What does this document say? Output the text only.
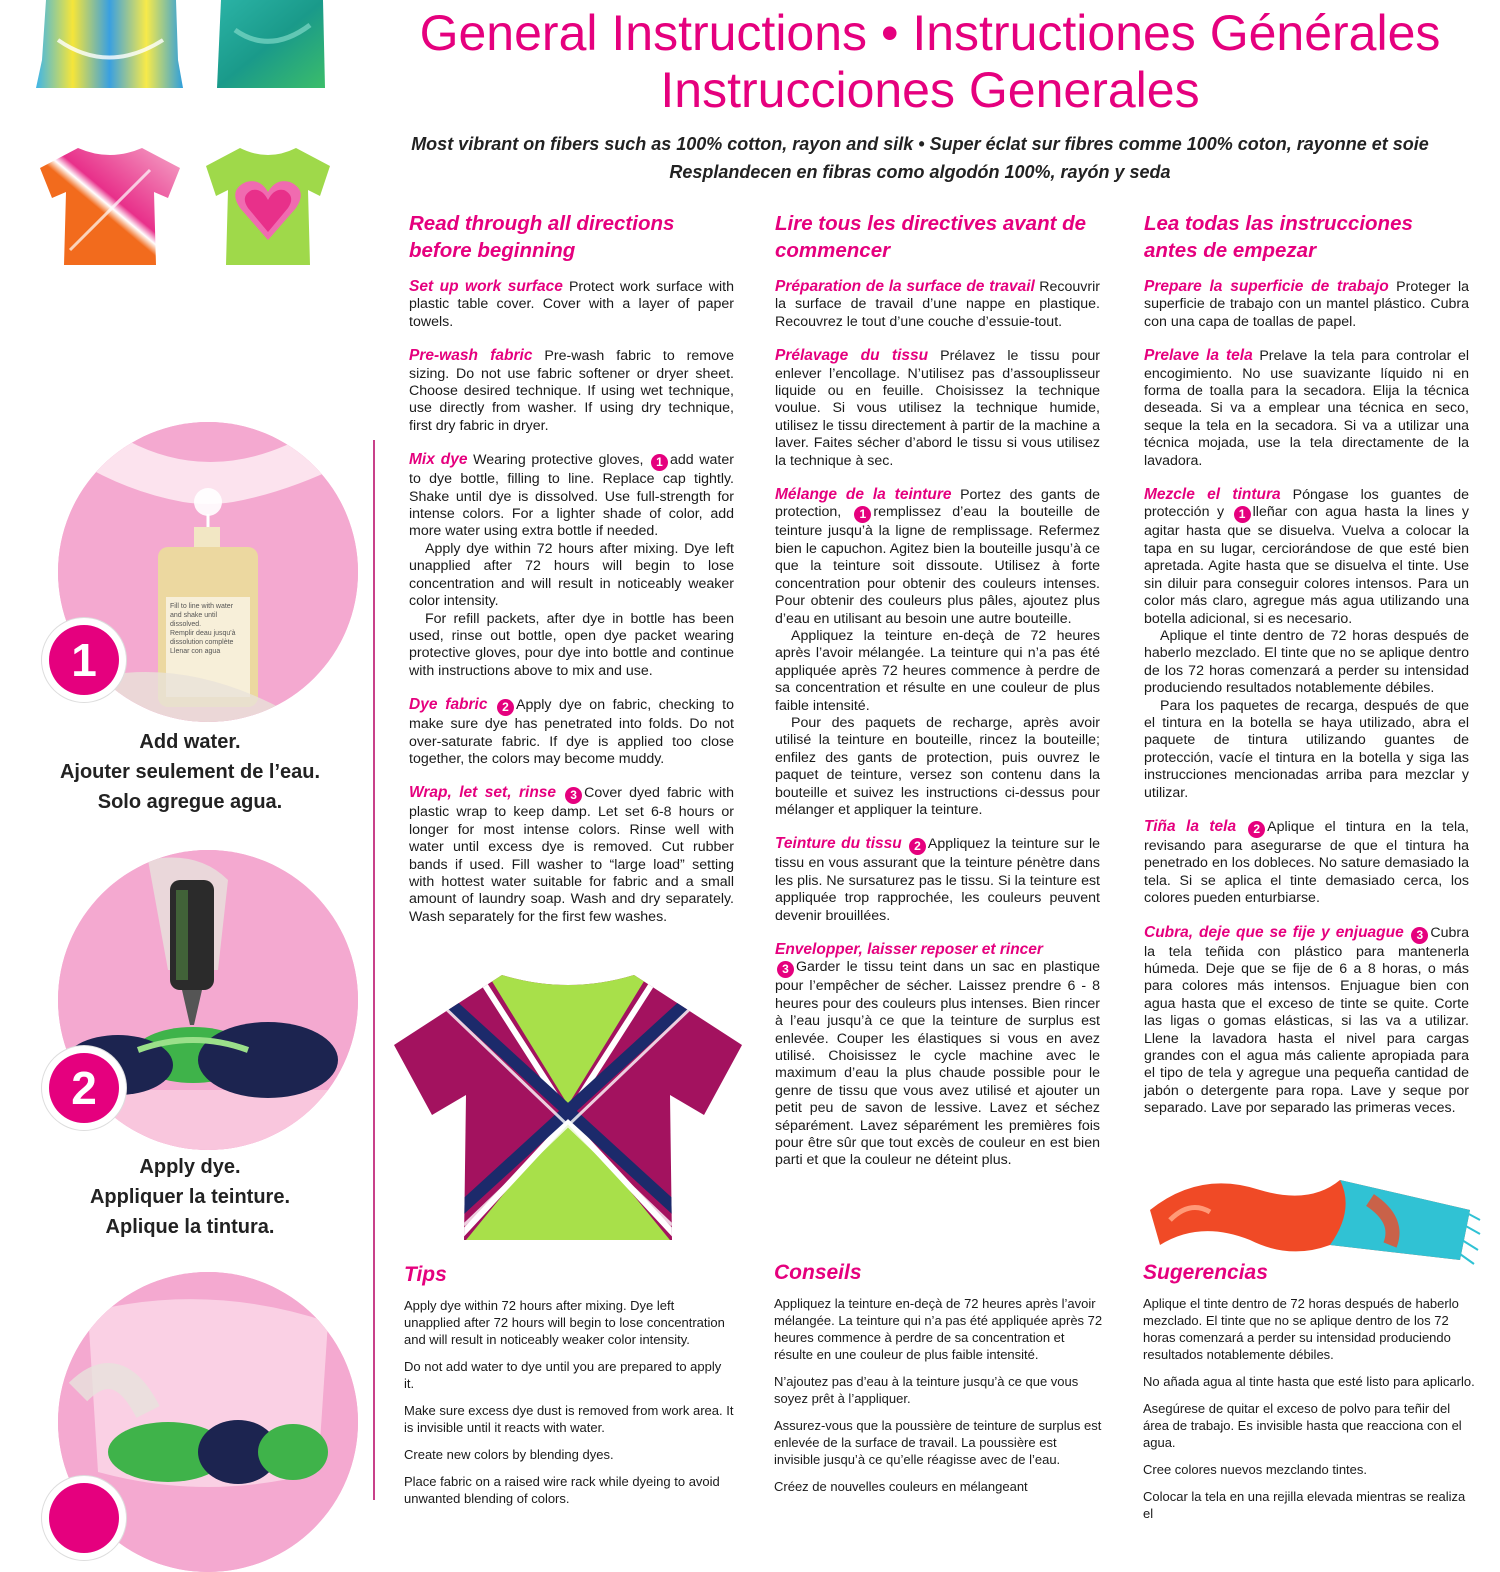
General Instructions • Instructiones Générales
Instrucciones Generales
Most vibrant on fibers such as 100% cotton, rayon and silk • Super éclat sur fibres comme 100% coton, rayonne et soie
Resplandecen en fibras como algodón 100%, rayón y seda
Fill to line with water
and shake until
dissolved.
Remplir deau jusqu'à
dissolution complète
Llenar con agua
1
Add water.
Ajouter seulement de l’eau.
Solo agregue agua.
2
Apply dye.
Appliquer la teinture.
Aplique la tintura.
Read through all directions before beginning

Set up work surface Protect work surface with plastic table cover. Cover with a layer of paper towels.

Pre-wash fabric Pre-wash fabric to remove sizing. Do not use fabric softener or dryer sheet. Choose desired technique. If using wet technique, use directly from washer. If using dry technique, first dry fabric in dryer.

Mix dye Wearing protective gloves, 1 add water to dye bottle, filling to line. Replace cap tightly. Shake until dye is dissolved. Use full-strength for intense colors. For a lighter shade of color, add more water using extra bottle if needed.

Apply dye within 72 hours after mixing. Dye left unapplied after 72 hours will begin to lose concentration and will result in noticeably weaker color intensity.

For refill packets, after dye in bottle has been used, rinse out bottle, open dye packet wearing protective gloves, pour dye into bottle and continue with instructions above to mix and use.

Dye fabric 2 Apply dye on fabric, checking to make sure dye has penetrated into folds. Do not over-saturate fabric. If dye is applied too close together, the colors may become muddy.

Wrap, let set, rinse 3 Cover dyed fabric with plastic wrap to keep damp. Let set 6-8 hours or longer for most intense colors. Rinse well with water until excess dye is removed. Cut rubber bands if used. Fill washer to “large load” setting with hottest water suitable for fabric and a small amount of laundry soap. Wash and dry separately. Wash separately for the first few washes.

Lire tous les directives avant de commencer

Préparation de la surface de travail Recouvrir la surface de travail d’une nappe en plastique. Recouvrez le tout d’une couche d’essuie-tout.

Prélavage du tissu Prélavez le tissu pour enlever l’encollage. N’utilisez pas d’assouplisseur liquide ou en feuille. Choisissez la technique voulue. Si vous utilisez la technique humide, utilisez le tissu directement à partir de la machine a laver. Faites sécher d’abord le tissu si vous utilisez la technique à sec.

Mélange de la teinture Portez des gants de protection, 1 remplissez d’eau la bouteille de teinture jusqu’à la ligne de remplissage. Refermez bien le capuchon. Agitez bien la bouteille jusqu’à ce que la teinture soit dissoute. Utilisez à forte concentration pour obtenir des couleurs intenses. Pour obtenir des couleurs plus pâles, ajoutez plus d’eau en utilisant au besoin une autre bouteille.

Appliquez la teinture en-deçà de 72 heures après l’avoir mélangée. La teinture qui n’a pas été appliquée après 72 heures commence à perdre de sa concentration et résulte en une couleur de plus faible intensité.

Pour des paquets de recharge, après avoir utilisé la teinture en bouteille, rincez la bouteille; enfilez des gants de protection, puis ouvrez le paquet de teinture, versez son contenu dans la bouteille et suivez les instructions ci-dessus pour mélanger et appliquer la teinture.

Teinture du tissu 2 Appliquez la teinture sur le tissu en vous assurant que la teinture pénètre dans les plis. Ne sursaturez pas le tissu. Si la teinture est appliquée trop rapprochée, les couleurs peuvent devenir brouillées.

Envelopper, laisser reposer et rincer
3 Garder le tissu teint dans un sac en plastique pour l’empêcher de sécher. Laissez prendre 6 - 8 heures pour des couleurs plus intenses. Bien rincer à l’eau jusqu’à ce que la teinture de surplus est enlevée. Couper les élastiques si vous en avez utilisé. Choisissez le cycle machine avec le maximum d’eau la plus chaude possible pour le genre de tissu que vous avez utilisé et ajouter un petit peu de savon de lessive. Lavez et séchez séparément. Lavez séparément les premières fois pour être sûr que tout excès de couleur en est bien parti et que la couleur ne déteint plus.

Lea todas las instrucciones antes de empezar

Prepare la superficie de trabajo Proteger la superficie de trabajo con un mantel plástico. Cubra con una capa de toallas de papel.

Prelave la tela Prelave la tela para controlar el encogimiento. No use suavizante líquido ni en forma de toalla para la secadora. Elija la técnica deseada. Si va a emplear una técnica en seco, seque la tela en la secadora. Si va a utilizar una técnica mojada, use la tela directamente de la lavadora.

Mezcle el tintura Póngase los guantes de protección y 1 lleñar con agua hasta la lines y agitar hasta que se disuelva. Vuelva a colocar la tapa en su lugar, cerciorándose de que esté bien apretada. Agite hasta que se disuelva el tinte. Use sin diluir para conseguir colores intensos. Para un color más claro, agregue más agua utilizando una botella adicional, si es necesario.

Aplique el tinte dentro de 72 horas después de haberlo mezclado. El tinte que no se aplique dentro de los 72 horas comenzará a perder su intensidad produciendo resultados notablemente débiles.

Para los paquetes de recarga, después de que el tintura en la botella se haya utilizado, abra el paquete de tintura utilizando guantes de protección, vacíe el tintura en la botella y siga las instrucciones mencionadas arriba para mezclar y utilizar.

Tiña la tela 2 Aplique el tintura en la tela, revisando para asegurarse de que el tintura ha penetrado en los dobleces. No sature demasiado la tela. Si se aplica el tinte demasiado cerca, los colores pueden enturbiarse.

Cubra, deje que se fije y enjuague 3 Cubra la tela teñida con plástico para mantenerla húmeda. Deje que se fije de 6 a 8 horas, o más para colores más intensos. Enjuague bien con agua hasta que el exceso de tinte se quite. Corte las ligas o gomas elásticas, si las va a utilizar. Llene la lavadora hasta el nivel para cargas grandes con el agua más caliente apropiada para el tipo de tela y agregue una pequeña cantidad de jabón o detergente para ropa. Lave y seque por separado. Lave por separado las primeras veces.

Tips

Apply dye within 72 hours after mixing. Dye left unapplied after 72 hours will begin to lose concentration and will result in noticeably weaker color intensity.

Do not add water to dye until you are prepared to apply it.

Make sure excess dye dust is removed from work area. It is invisible until it reacts with water.

Create new colors by blending dyes.

Place fabric on a raised wire rack while dyeing to avoid unwanted blending of colors.

Conseils

Appliquez la teinture en-deçà de 72 heures après l’avoir mélangée. La teinture qui n’a pas été appliquée après 72 heures commence à perdre de sa concentration et résulte en une couleur de plus faible intensité.

N’ajoutez pas d’eau à la teinture jusqu’à ce que vous soyez prêt à l’appliquer.

Assurez-vous que la poussière de teinture de surplus est enlevée de la surface de travail. La poussière est invisible jusqu’à ce qu’elle réagisse avec de l’eau.

Créez de nouvelles couleurs en mélangeant

Sugerencias

Aplique el tinte dentro de 72 horas después de haberlo mezclado. El tinte que no se aplique dentro de los 72 horas comenzará a perder su intensidad produciendo resultados notablemente débiles.

No añada agua al tinte hasta que esté listo para aplicarlo.

Asegúrese de quitar el exceso de polvo para teñir del área de trabajo. Es invisible hasta que reacciona con el agua.

Cree colores nuevos mezclando tintes.

Colocar la tela en una rejilla elevada mientras se realiza el
